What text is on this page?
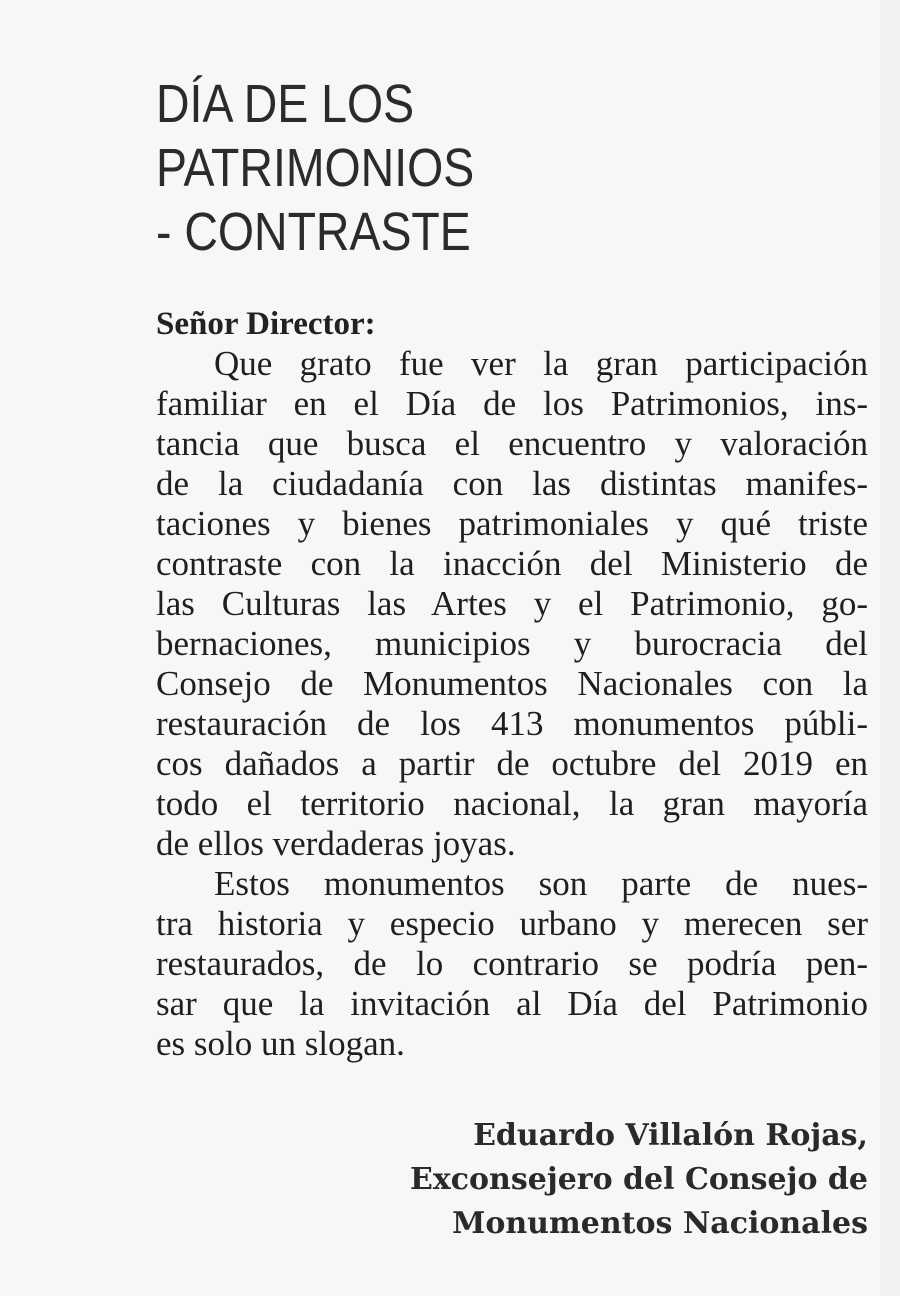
DÍA DE LOS
PATRIMONIOS
- CONTRASTE

Señor Director:

Que grato fue ver la gran participación
familiar en el Día de los Patrimonios, ins-
tancia que busca el encuentro y valoración
de la ciudadanía con las distintas manifes-
taciones y bienes patrimoniales y qué triste
contraste con la inacción del Ministerio de
las Culturas las Artes y el Patrimonio, go-
bernaciones, municipios y burocracia del
Consejo de Monumentos Nacionales con la
restauración de los 413 monumentos públi-
cos dañados a partir de octubre del 2019 en
todo el territorio nacional, la gran mayoría
de ellos verdaderas joyas.
Estos monumentos son parte de nues-
tra historia y especio urbano y merecen ser
restaurados, de lo contrario se podría pen-
sar que la invitación al Día del Patrimonio
es solo un slogan.
Eduardo Villalón Rojas,
Exconsejero del Consejo de
Monumentos Nacionales
